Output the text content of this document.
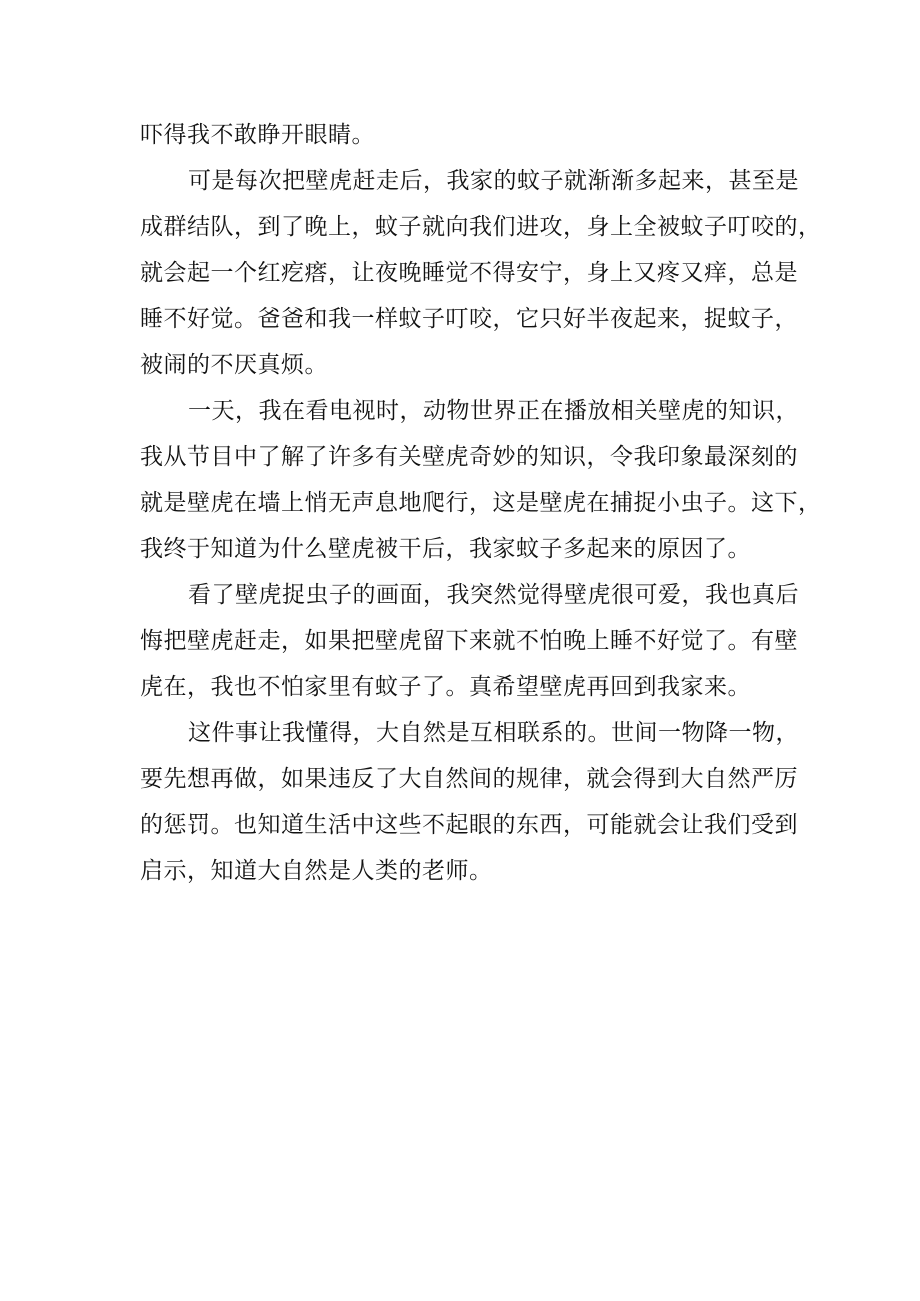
吓得我不敢睁开眼睛。
可是每次把壁虎赶走后，我家的蚊子就渐渐多起来，甚至是
成群结队，到了晚上，蚊子就向我们进攻，身上全被蚊子叮咬的，
就会起一个红疙瘩，让夜晚睡觉不得安宁，身上又疼又痒，总是
睡不好觉。爸爸和我一样蚊子叮咬，它只好半夜起来，捉蚊子，
被闹的不厌真烦。
一天，我在看电视时，动物世界正在播放相关壁虎的知识，
我从节目中了解了许多有关壁虎奇妙的知识，令我印象最深刻的
就是壁虎在墙上悄无声息地爬行，这是壁虎在捕捉小虫子。这下，
我终于知道为什么壁虎被干后，我家蚊子多起来的原因了。
看了壁虎捉虫子的画面，我突然觉得壁虎很可爱，我也真后
悔把壁虎赶走，如果把壁虎留下来就不怕晚上睡不好觉了。有壁
虎在，我也不怕家里有蚊子了。真希望壁虎再回到我家来。
这件事让我懂得，大自然是互相联系的。世间一物降一物，
要先想再做，如果违反了大自然间的规律，就会得到大自然严厉
的惩罚。也知道生活中这些不起眼的东西，可能就会让我们受到
启示，知道大自然是人类的老师。
